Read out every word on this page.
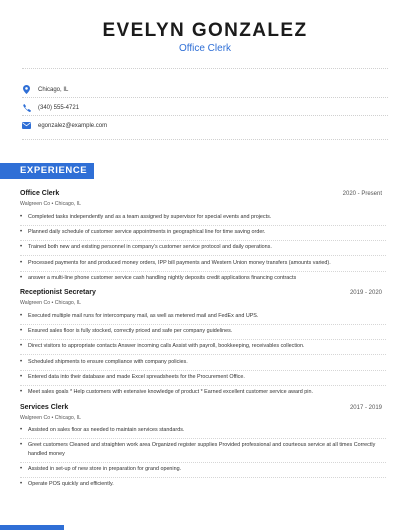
EVELYN GONZALEZ
Office Clerk
Chicago, IL
(340) 555-4721
egonzalez@example.com
EXPERIENCE
Office Clerk	2020 - Present
Walgreen Co • Chicago, IL
•	Completed tasks independently and as a team assigned by supervisor for special events and projects.
•	Planned daily schedule of customer service appointments in geographical line for time saving order.
•	Trained both new and existing personnel in company's customer service protocol and daily operations.
•	Processed payments for and produced money orders, IPP bill payments and Western Union money transfers (amounts varied).
•	answer a multi-line phone customer service cash handling nightly deposits credit applications financing contracts
Receptionist Secretary	2019 - 2020
Walgreen Co • Chicago, IL
•	Executed multiple mail runs for intercompany mail, as well as metered mail and FedEx and UPS.
•	Ensured sales floor is fully stocked, correctly priced and safe per company guidelines.
•	Direct visitors to appropriate contacts Answer incoming calls Assist with payroll, bookkeeping, receivables collection.
•	Scheduled shipments to ensure compliance with company policies.
•	Entered data into their database and made Excel spreadsheets for the Procurement Office.
•	Meet sales goals * Help customers with extensive knowledge of product * Earned excellent customer service award pin.
Services Clerk	2017 - 2019
Walgreen Co • Chicago, IL
•	Assisted on sales floor as needed to maintain services standards.
•	Greet customers Cleaned and straighten work area Organized register supplies Provided professional and courteous service at all times Correctly handled money
•	Assisted in set-up of new store in preparation for grand opening.
•	Operate POS quickly and efficiently.
